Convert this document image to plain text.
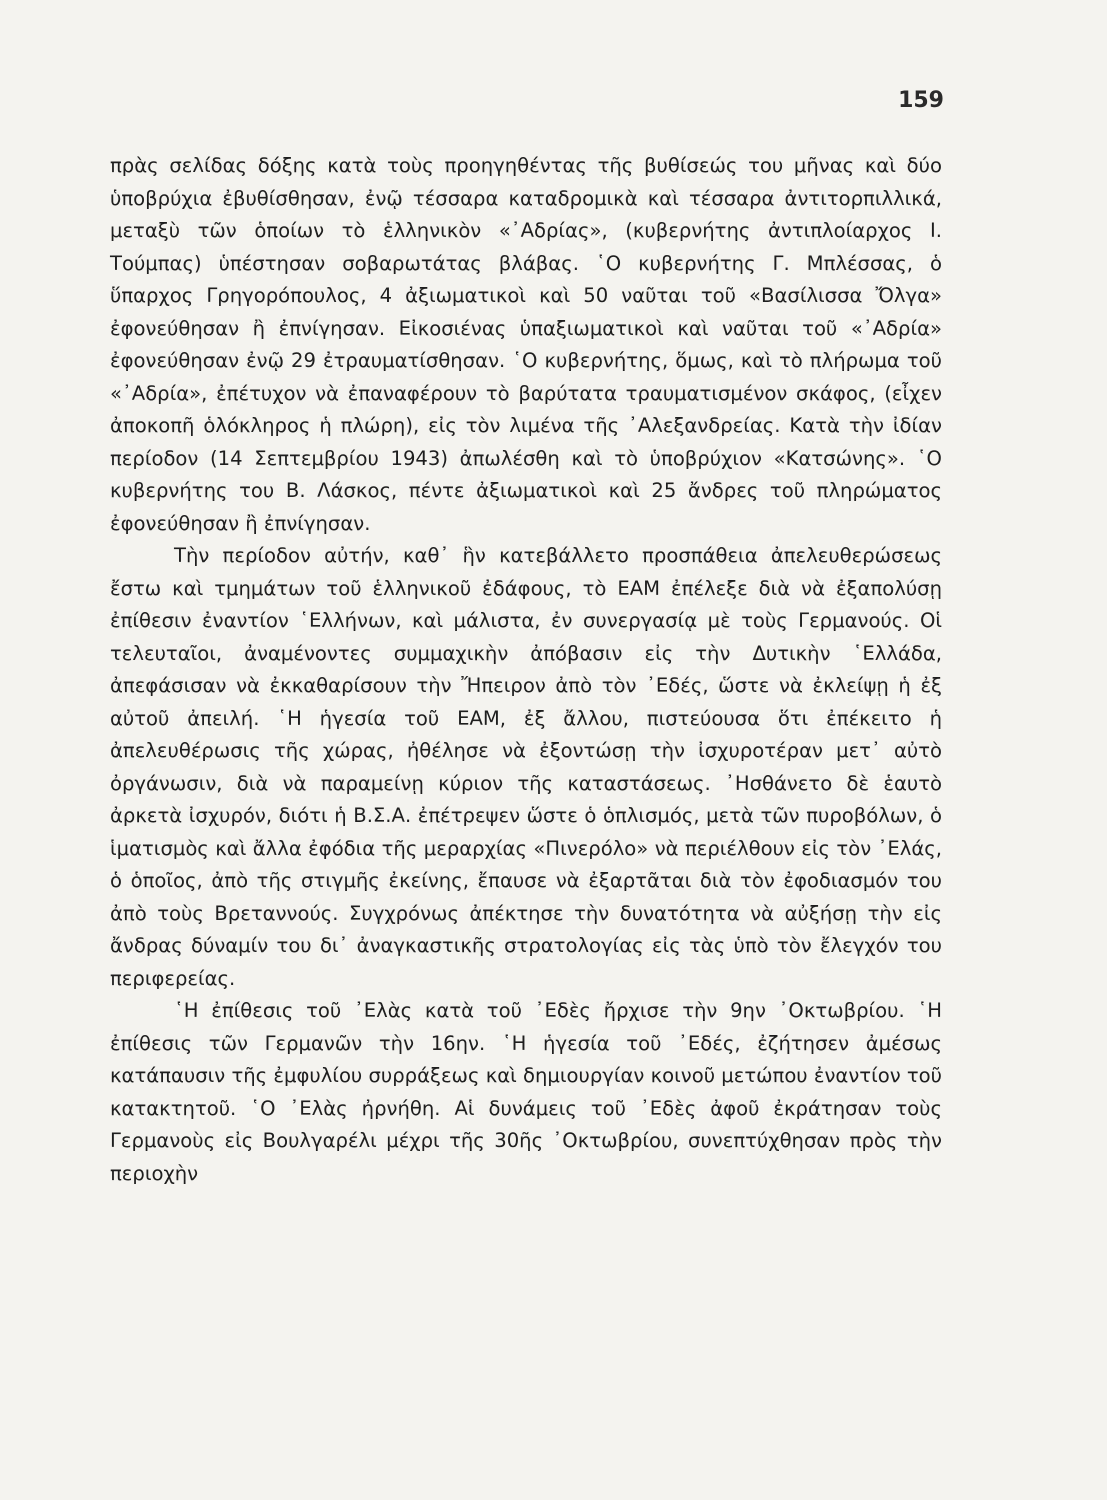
159

πρὰς σελίδας δόξης κατὰ τοὺς προηγηθέντας τῆς βυθίσεώς του μῆνας καὶ δύο ὑποβρύχια ἐβυθίσθησαν, ἐνῷ τέσσαρα καταδρομικὰ καὶ τέσσαρα ἀντιτορπιλλικά, μεταξὺ τῶν ὁποίων τὸ ἑλληνικὸν «᾿Αδρίας», (κυβερνήτης ἀντιπλοίαρχος Ι. Τούμπας) ὑπέστησαν σοβαρωτάτας βλάβας. ῾Ο κυβερνήτης Γ. Μπλέσσας, ὁ ὕπαρχος Γρηγορόπουλος, 4 ἀξιωματικοὶ καὶ 50 ναῦται τοῦ «Βασίλισσα Ὄλγα» ἐφονεύθησαν ἢ ἐπνίγησαν. Εἰκοσιένας ὑπαξιωματικοὶ καὶ ναῦται τοῦ «᾿Αδρία» ἐφονεύθησαν ἐνῷ 29 ἐτραυματίσθησαν. ῾Ο κυβερνήτης, ὅμως, καὶ τὸ πλήρωμα τοῦ «᾿Αδρία», ἐπέτυχον νὰ ἐπαναφέρουν τὸ βαρύτατα τραυματισμένον σκάφος, (εἶχεν ἀποκοπῆ ὁλόκληρος ἡ πλώρη), εἰς τὸν λιμένα τῆς ᾿Αλεξανδρείας. Κατὰ τὴν ἰδίαν περίοδον (14 Σεπτεμβρίου 1943) ἀπωλέσθη καὶ τὸ ὑποβρύχιον «Κατσώνης». ῾Ο κυβερνήτης του Β. Λάσκος, πέντε ἀξιωματικοὶ καὶ 25 ἄνδρες τοῦ πληρώματος ἐφονεύθησαν ἢ ἐπνίγησαν.

Τὴν περίοδον αὐτήν, καθ᾿ ἣν κατεβάλλετο προσπάθεια ἀπελευθερώσεως ἔστω καὶ τμημάτων τοῦ ἑλληνικοῦ ἐδάφους, τὸ ΕΑΜ ἐπέλεξε διὰ νὰ ἐξαπολύσῃ ἐπίθεσιν ἐναντίον ῾Ελλήνων, καὶ μάλιστα, ἐν συνεργασίᾳ μὲ τοὺς Γερμανούς. Οἱ τελευταῖοι, ἀναμένοντες συμμαχικὴν ἀπόβασιν εἰς τὴν Δυτικὴν ῾Ελλάδα, ἀπεφάσισαν νὰ ἐκκαθαρίσουν τὴν Ἤπειρον ἀπὸ τὸν ᾿Εδές, ὥστε νὰ ἐκλείψῃ ἡ ἐξ αὐτοῦ ἀπειλή. ῾Η ἡγεσία τοῦ ΕΑΜ, ἐξ ἄλλου, πιστεύουσα ὅτι ἐπέκειτο ἡ ἀπελευθέρωσις τῆς χώρας, ἠθέλησε νὰ ἐξοντώσῃ τὴν ἰσχυροτέραν μετ᾿ αὐτὸ ὀργάνωσιν, διὰ νὰ παραμείνῃ κύριον τῆς καταστάσεως. ᾿Ησθάνετο δὲ ἑαυτὸ ἀρκετὰ ἰσχυρόν, διότι ἡ Β.Σ.Α. ἐπέτρεψεν ὥστε ὁ ὁπλισμός, μετὰ τῶν πυροβόλων, ὁ ἱματισμὸς καὶ ἄλλα ἐφόδια τῆς μεραρχίας «Πινερόλο» νὰ περιέλθουν εἰς τὸν ᾿Ελάς, ὁ ὁποῖος, ἀπὸ τῆς στιγμῆς ἐκείνης, ἔπαυσε νὰ ἐξαρτᾶται διὰ τὸν ἐφοδιασμόν του ἀπὸ τοὺς Βρεταννούς. Συγχρόνως ἀπέκτησε τὴν δυνατότητα νὰ αὐξήσῃ τὴν εἰς ἄνδρας δύναμίν του δι᾿ ἀναγκαστικῆς στρατολογίας εἰς τὰς ὑπὸ τὸν ἔλεγχόν του περιφερείας.

῾Η ἐπίθεσις τοῦ ᾿Ελὰς κατὰ τοῦ ᾿Εδὲς ἤρχισε τὴν 9ην ᾿Οκτωβρίου. ῾Η ἐπίθεσις τῶν Γερμανῶν τὴν 16ην. ῾Η ἡγεσία τοῦ ᾿Εδές, ἐζήτησεν ἀμέσως κατάπαυσιν τῆς ἐμφυλίου συρράξεως καὶ δημιουργίαν κοινοῦ μετώπου ἐναντίον τοῦ κατακτητοῦ. ῾Ο ᾿Ελὰς ἠρνήθη. Αἱ δυνάμεις τοῦ ᾿Εδὲς ἀφοῦ ἐκράτησαν τοὺς Γερμανοὺς εἰς Βουλγαρέλι μέχρι τῆς 30ῆς ᾿Οκτωβρίου, συνεπτύχθησαν πρὸς τὴν περιοχὴν
